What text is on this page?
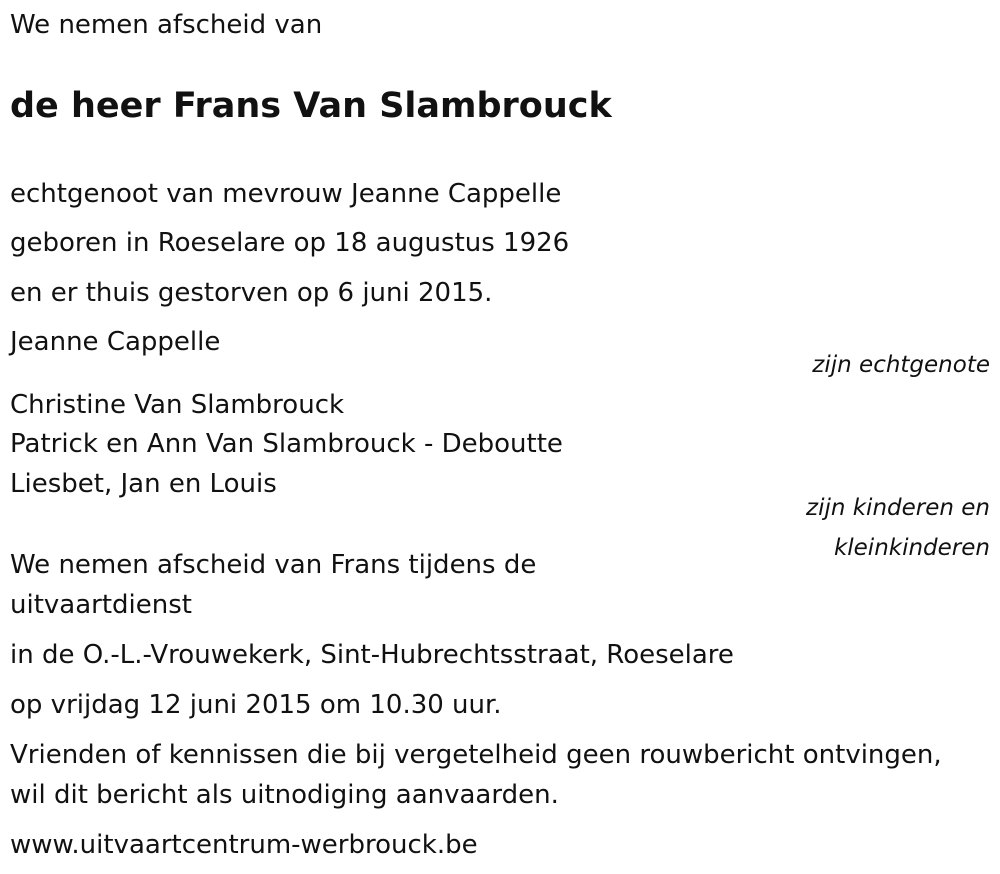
We nemen afscheid van
de heer Frans Van Slambrouck
echtgenoot van mevrouw Jeanne Cappelle
geboren in Roeselare op 18 augustus 1926
en er thuis gestorven op 6 juni 2015.
Jeanne Cappelle
zijn echtgenote
Christine Van Slambrouck
Patrick en Ann Van Slambrouck - Deboutte
Liesbet, Jan en Louis
zijn kinderen en
kleinkinderen
We nemen afscheid van Frans tijdens de
uitvaartdienst
in de O.-L.-Vrouwekerk, Sint-Hubrechtsstraat, Roeselare
op vrijdag 12 juni 2015 om 10.30 uur.
Vrienden of kennissen die bij vergetelheid geen rouwbericht ontvingen,
wil dit bericht als uitnodiging aanvaarden.
www.uitvaartcentrum-werbrouck.be
